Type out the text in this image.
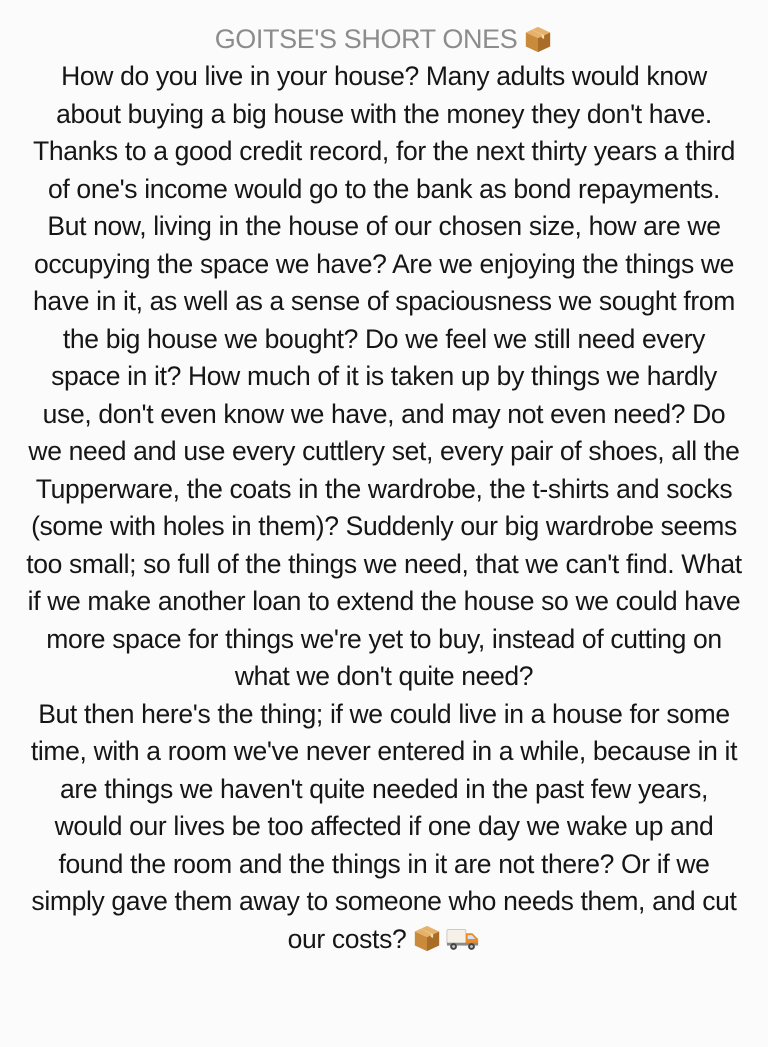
GOITSE'S SHORT ONES

How do you live in your house? Many adults would know about buying a big house with the money they don't have. Thanks to a good credit record, for the next thirty years a third of one's income would go to the bank as bond repayments. But now, living in the house of our chosen size, how are we occupying the space we have? Are we enjoying the things we have in it, as well as a sense of spaciousness we sought from the big house we bought? Do we feel we still need every space in it? How much of it is taken up by things we hardly use, don't even know we have, and may not even need? Do we need and use every cuttlery set, every pair of shoes, all the Tupperware, the coats in the wardrobe, the t-shirts and socks (some with holes in them)? Suddenly our big wardrobe seems too small; so full of the things we need, that we can't find. What if we make another loan to extend the house so we could have more space for things we're yet to buy, instead of cutting on what we don't quite need?

But then here's the thing; if we could live in a house for some time, with a room we've never entered in a while, because in it are things we haven't quite needed in the past few years, would our lives be too affected if one day we wake up and found the room and the things in it are not there? Or if we simply gave them away to someone who needs them, and cut our costs?
